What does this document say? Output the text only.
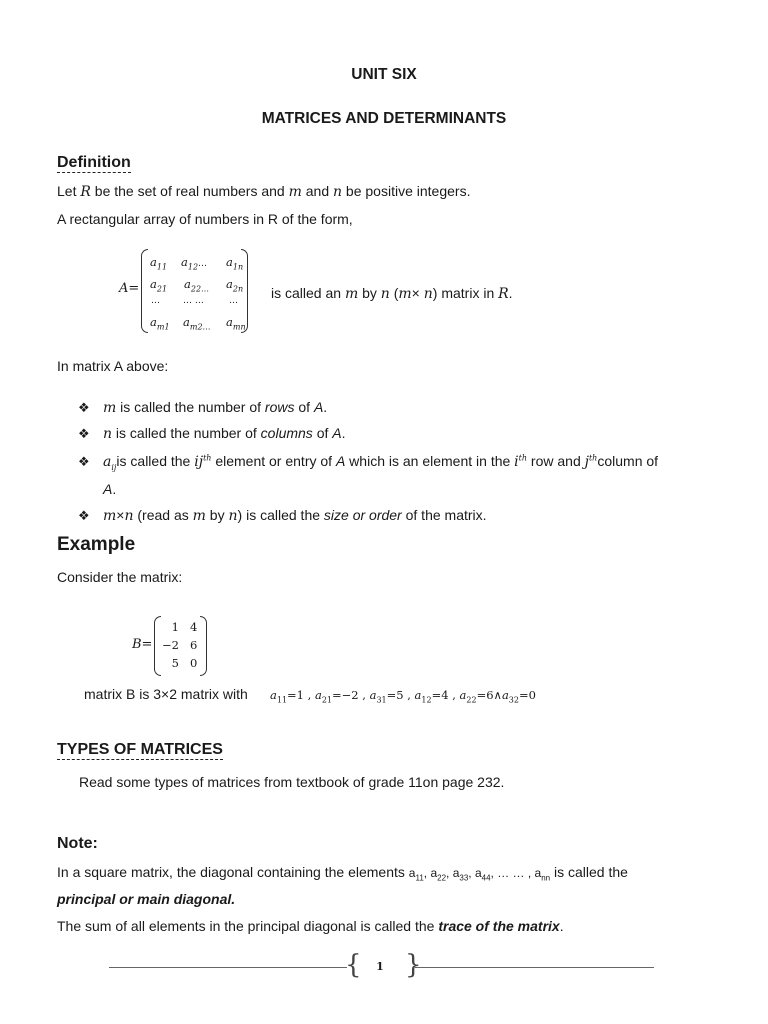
UNIT SIX
MATRICES AND DETERMINANTS
Definition
Let R be the set of real numbers and m and n be positive integers.
A rectangular array of numbers in R of the form,
A=
$a_{11}$ $a_{12}\dots$ $a_{1n}$
$a_{21}$ $a_{22\dots}$ $a_{2n}$
…	… …	…
$a_{m1}$ $a_{m2\dots}$ $a_{mn}$
is called an m by n (m× n) matrix in R.
In matrix A above:
❖ m is called the number of rows of A.
❖ n is called the number of columns of A.
❖ $a_{ij}is$ called the $ij^{th}$ element or entry of A which is an element in the $i^{th}$ row and $j^{th}column$ of
A.
❖ m×n (read as m by n) is called the size or order of the matrix.
Example
Consider the matrix:
B=
1 4
−2 6
5 0
matrix B is 3×2 matrix with $a_{11}=1$ , $a_{21}=-2$ , $a_{31}=5$ , $a_{12}=4$ , $a_{22}=6\wedge a_{32}=0$
TYPES OF MATRICES
Read some types of matrices from textbook of grade 11on page 232.
Note:
In a square matrix, the diagonal containing the elements $a_{11}$, $a_{22}$, $a_{33}$, $a_{44}$, … … , $a_{nn}$ is called the
principal or main diagonal.
The sum of all elements in the principal diagonal is called the trace of the matrix.
{ }
1
